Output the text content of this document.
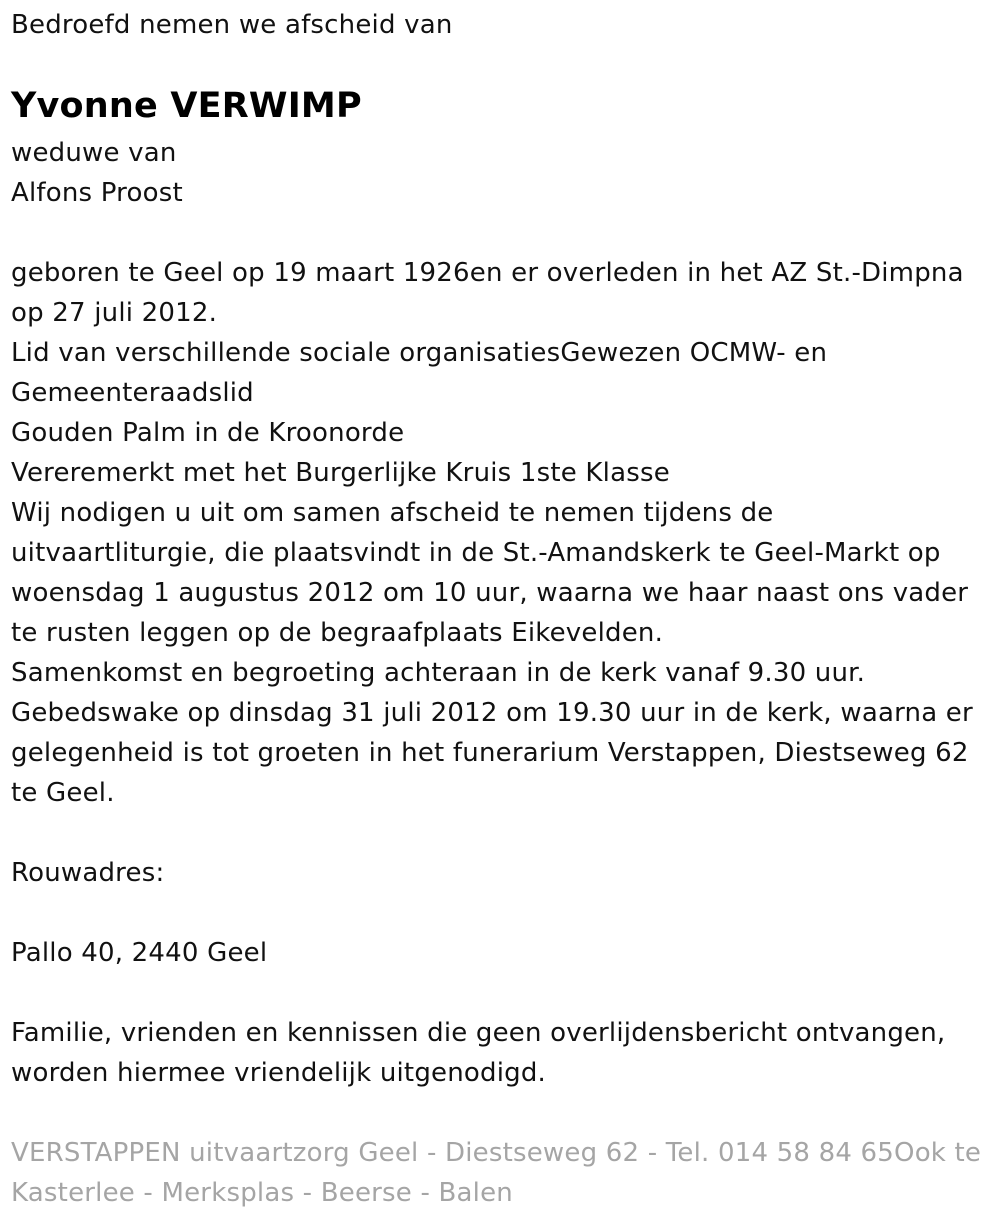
Bedroefd nemen we afscheid van
Yvonne VERWIMP
weduwe van
Alfons Proost
geboren te Geel op 19 maart 1926en er overleden in het AZ St.-Dimpna
op 27 juli 2012.
Lid van verschillende sociale organisatiesGewezen OCMW- en
Gemeenteraadslid
Gouden Palm in de Kroonorde
Vereremerkt met het Burgerlijke Kruis 1ste Klasse
Wij nodigen u uit om samen afscheid te nemen tijdens de
uitvaartliturgie, die plaatsvindt in de St.-Amandskerk te Geel-Markt op
woensdag 1 augustus 2012 om 10 uur, waarna we haar naast ons vader
te rusten leggen op de begraafplaats Eikevelden.
Samenkomst en begroeting achteraan in de kerk vanaf 9.30 uur.
Gebedswake op dinsdag 31 juli 2012 om 19.30 uur in de kerk, waarna er
gelegenheid is tot groeten in het funerarium Verstappen, Diestseweg 62
te Geel.
Rouwadres:
Pallo 40, 2440 Geel
Familie, vrienden en kennissen die geen overlijdensbericht ontvangen,
worden hiermee vriendelijk uitgenodigd.
VERSTAPPEN uitvaartzorg Geel - Diestseweg 62 - Tel. 014 58 84 65Ook te
Kasterlee - Merksplas - Beerse - Balen
